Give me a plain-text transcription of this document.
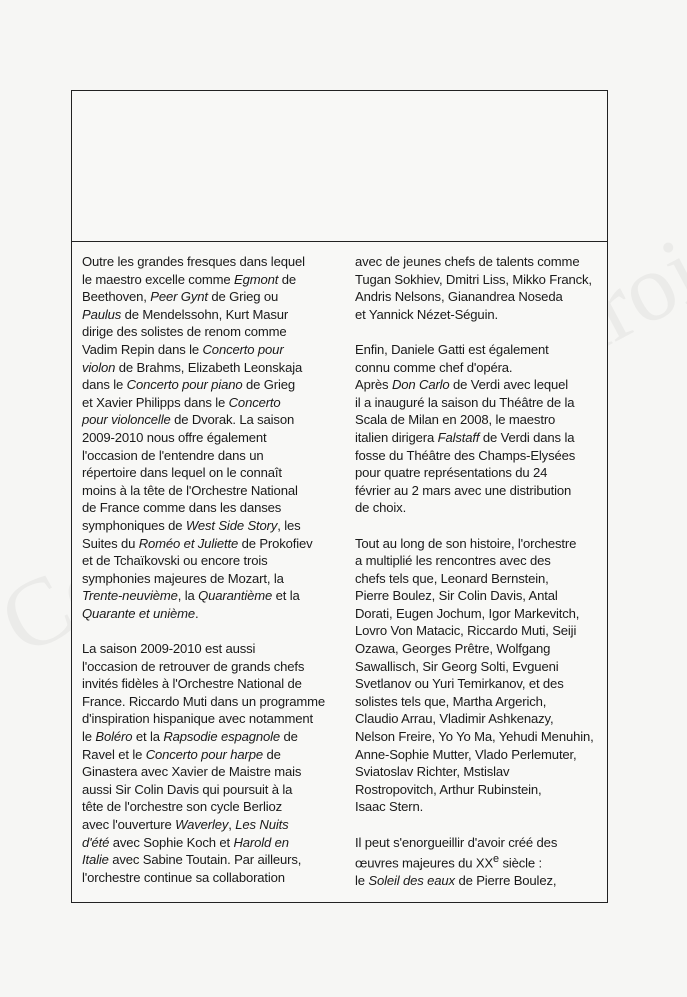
Outre les grandes fresques dans lequel
le maestro excelle comme Egmont de
Beethoven, Peer Gynt de Grieg ou
Paulus de Mendelssohn, Kurt Masur
dirige des solistes de renom comme
Vadim Repin dans le Concerto pour
violon de Brahms, Elizabeth Leonskaja
dans le Concerto pour piano de Grieg
et Xavier Philipps dans le Concerto
pour violoncelle de Dvorak. La saison
2009-2010 nous offre également
l'occasion de l'entendre dans un
répertoire dans lequel on le connaît
moins à la tête de l'Orchestre National
de France comme dans les danses
symphoniques de West Side Story, les
Suites du Roméo et Juliette de Prokofiev
et de Tchaïkovski ou encore trois
symphonies majeures de Mozart, la
Trente-neuvième, la Quarantième et la
Quarante et unième.
La saison 2009-2010 est aussi
l'occasion de retrouver de grands chefs
invités fidèles à l'Orchestre National de
France. Riccardo Muti dans un programme
d'inspiration hispanique avec notamment
le Boléro et la Rapsodie espagnole de
Ravel et le Concerto pour harpe de
Ginastera avec Xavier de Maistre mais
aussi Sir Colin Davis qui poursuit à la
tête de l'orchestre son cycle Berlioz
avec l'ouverture Waverley, Les Nuits
d'été avec Sophie Koch et Harold en
Italie avec Sabine Toutain. Par ailleurs,
l'orchestre continue sa collaboration
avec de jeunes chefs de talents comme
Tugan Sokhiev, Dmitri Liss, Mikko Franck,
Andris Nelsons, Gianandrea Noseda
et Yannick Nézet-Séguin.
Enfin, Daniele Gatti est également
connu comme chef d'opéra.
Après Don Carlo de Verdi avec lequel
il a inauguré la saison du Théâtre de la
Scala de Milan en 2008, le maestro
italien dirigera Falstaff de Verdi dans la
fosse du Théâtre des Champs-Elysées
pour quatre représentations du 24
février au 2 mars avec une distribution
de choix.
Tout au long de son histoire, l'orchestre
a multiplié les rencontres avec des
chefs tels que, Leonard Bernstein,
Pierre Boulez, Sir Colin Davis, Antal
Dorati, Eugen Jochum, Igor Markevitch,
Lovro Von Matacic, Riccardo Muti, Seiji
Ozawa, Georges Prêtre, Wolfgang
Sawallisch, Sir Georg Solti, Evgueni
Svetlanov ou Yuri Temirkanov, et des
solistes tels que, Martha Argerich,
Claudio Arrau, Vladimir Ashkenazy,
Nelson Freire, Yo Yo Ma, Yehudi Menuhin,
Anne-Sophie Mutter, Vlado Perlemuter,
Sviatoslav Richter, Mstislav
Rostropovitch, Arthur Rubinstein,
Isaac Stern.
Il peut s'enorgueillir d'avoir créé des
œuvres majeures du XXe siècle :
le Soleil des eaux de Pierre Boulez,
